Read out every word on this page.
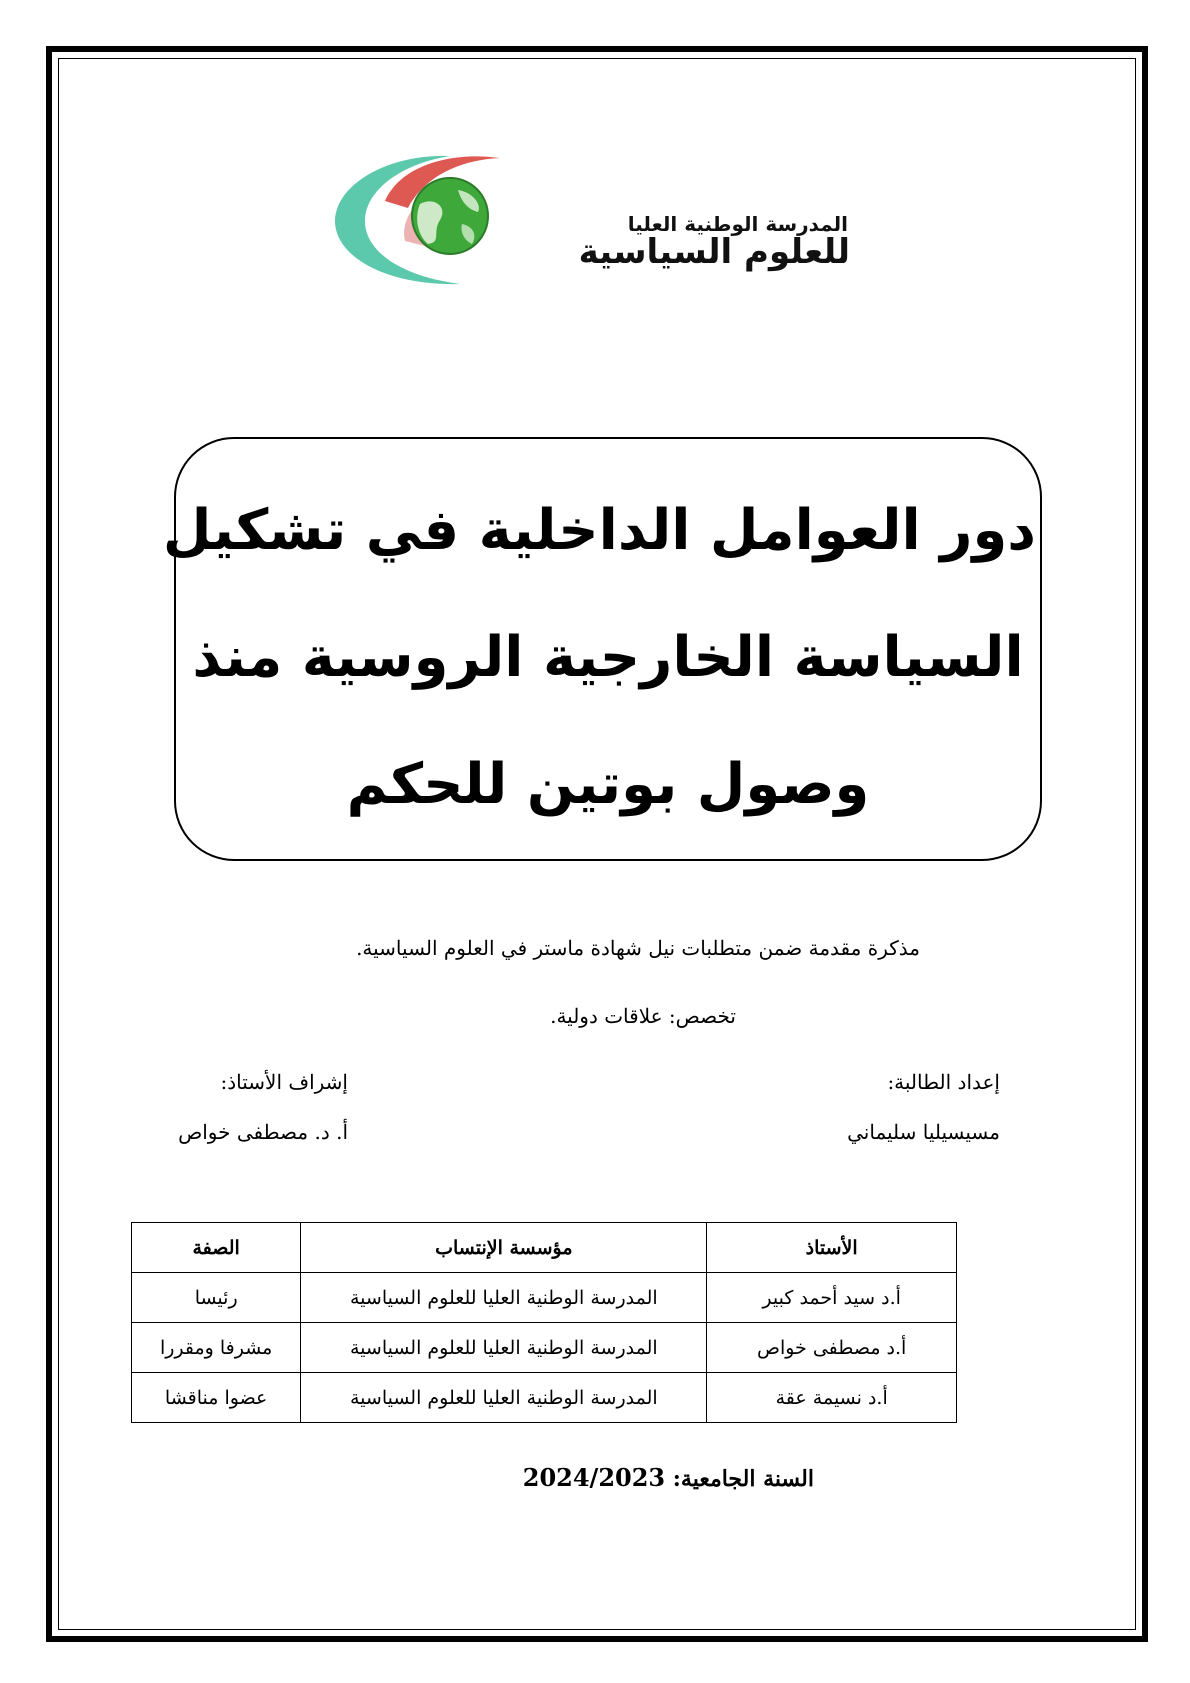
المدرسة الوطنية العليا
للعلوم السياسية
دور العوامل الداخلية في تشكيل
السياسة الخارجية الروسية منذ
وصول بوتين للحكم
مذكرة مقدمة ضمن متطلبات نيل شهادة ماستر في العلوم السياسية.
تخصص: علاقات دولية.
إعداد الطالبة:
مسيسيليا سليماني
إشراف الأستاذ:
أ. د. مصطفى خواص
الأستاذ	مؤسسة الإنتساب	الصفة
أ.د سيد أحمد كبير	المدرسة الوطنية العليا للعلوم السياسية	رئيسا
أ.د مصطفى خواص	المدرسة الوطنية العليا للعلوم السياسية	مشرفا ومقررا
أ.د نسيمة عقة	المدرسة الوطنية العليا للعلوم السياسية	عضوا مناقشا
السنة الجامعية: 2024/2023
